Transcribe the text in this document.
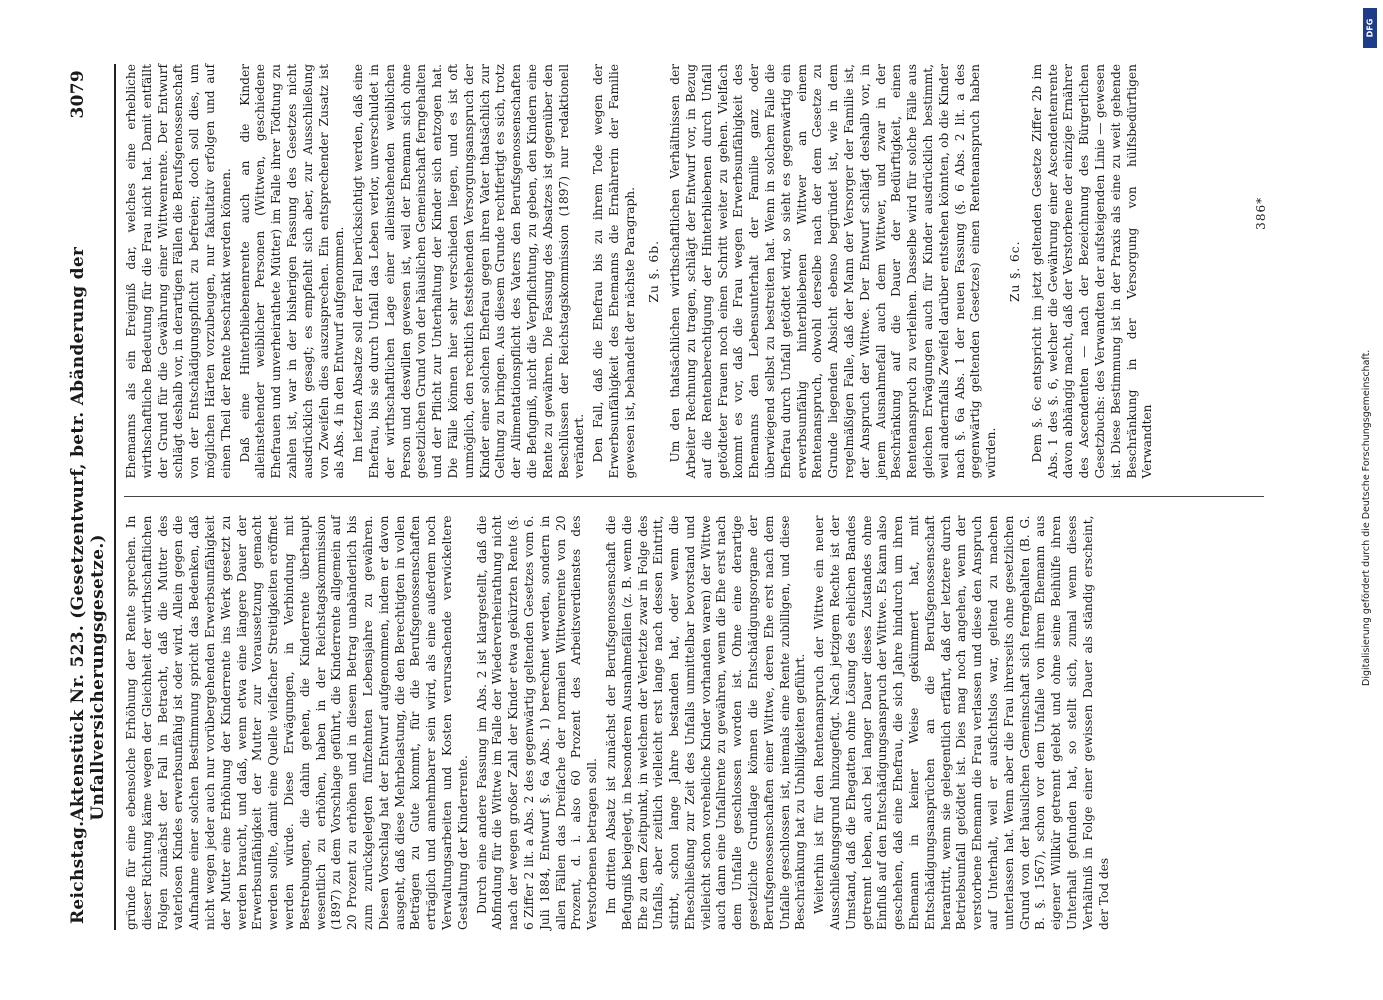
Reichstag.
Aktenstück Nr. 523. (Gesetzentwurf, betr. Abänderung der Unfallversicherungsgesetze.)
3079

gründe für eine ebensolche Erhöhung der Rente sprechen. In dieser Richtung käme wegen der Gleichheit der wirthschaftlichen Folgen zunächst der Fall in Betracht, daß die Mutter des vaterlosen Kindes erwerbsunfähig ist oder wird. Allein gegen die Aufnahme einer solchen Bestimmung spricht das Bedenken, daß nicht wegen jeder auch nur vorübergehenden Erwerbsunfähigkeit der Mutter eine Erhöhung der Kinderrente ins Werk gesetzt zu werden braucht, und daß, wenn etwa eine längere Dauer der Erwerbsunfähigkeit der Mutter zur Voraussetzung gemacht werden sollte, damit eine Quelle vielfacher Streitigkeiten eröffnet werden würde. Diese Erwägungen, in Verbindung mit Bestrebungen, die dahin gehen, die Kinderrente überhaupt wesentlich zu erhöhen, haben in der Reichstagskommission (1897) zu dem Vorschlage geführt, die Kinderrente allgemein auf 20 Prozent zu erhöhen und in diesem Betrag unabänderlich bis zum zurückgelegten fünfzehnten Lebensjahre zu gewähren. Diesen Vorschlag hat der Entwurf aufgenommen, indem er davon ausgeht, daß diese Mehrbelastung, die den Berechtigten in vollen Beträgen zu Gute kommt, für die Berufsgenossenschaften erträglich und annehmbarer sein wird, als eine außerdem noch Verwaltungsarbeiten und Kosten verursachende verwickeltere Gestaltung der Kinderrente. Durch eine andere Fassung im Abs. 2 ist klargestellt, daß die Abfindung für die Wittwe im Falle der Wiederverheirathung nicht nach der wegen großer Zahl der Kinder etwa gekürzten Rente (§. 6 Ziffer 2 lit. a Abs. 2 des gegenwärtig geltenden Gesetzes vom 6. Juli 1884, Entwurf §. 6a Abs. 1) berechnet werden, sondern in allen Fällen das Dreifache der normalen Wittwenrente von 20 Prozent, d. i. also 60 Prozent des Arbeitsverdienstes des Verstorbenen betragen soll. Im dritten Absatz ist zunächst der Berufsgenossenschaft die Befugniß beigelegt, in besonderen Ausnahmefällen (z. B. wenn die Ehe zu dem Zeitpunkt, in welchem der Verletzte zwar in Folge des Unfalls, aber zeitlich vielleicht erst lange nach dessen Eintritt, stirbt, schon lange Jahre bestanden hat, oder wenn die Eheschließung zur Zeit des Unfalls unmittelbar bevorstand und vielleicht schon voreheliche Kinder vorhanden waren) der Wittwe auch dann eine Unfallrente zu gewähren, wenn die Ehe erst nach dem Unfalle geschlossen worden ist. Ohne eine derartige gesetzliche Grundlage können die Entschädigungsorgane der Berufsgenossenschaften einer Wittwe, deren Ehe erst nach dem Unfalle geschlossen ist, niemals eine Rente zubilligen, und diese Beschränkung hat zu Unbilligkeiten geführt. Weiterhin ist für den Rentenanspruch der Wittwe ein neuer Ausschließungsgrund hinzugefügt. Nach jetzigem Rechte ist der Umstand, daß die Ehegatten ohne Lösung des ehelichen Bandes getrennt leben, auch bei langer Dauer dieses Zustandes ohne Einfluß auf den Entschädigungsanspruch der Wittwe. Es kann also geschehen, daß eine Ehefrau, die sich Jahre hindurch um ihren Ehemann in keiner Weise gekümmert hat, mit Entschädigungsansprüchen an die Berufsgenossenschaft herantritt, wenn sie gelegentlich erfährt, daß der letztere durch Betriebsunfall getödtet ist. Dies mag noch angehen, wenn der verstorbene Ehemann die Frau verlassen und diese den Anspruch auf Unterhalt, weil er ausfichtslos war, geltend zu machen unterlassen hat. Wenn aber die Frau ihrerseits ohne gesetzlichen Grund von der häuslichen Gemeinschaft sich ferngehalten (B. G. B. §. 1567), schon vor dem Unfalle von ihrem Ehemann aus eigener Willkür getrennt gelebt und ohne seine Beihülfe ihren Unterhalt gefunden hat, so stellt sich, zumal wenn dieses Verhältniß in Folge einer gewissen Dauer als ständig erscheint, der Tod des

Ehemanns als ein Ereigniß dar, welches eine erhebliche wirthschaftliche Bedeutung für die Frau nicht hat. Damit entfällt der Grund für die Gewährung einer Wittwenrente. Der Entwurf schlägt deshalb vor, in derartigen Fällen die Berufsgenossenschaft von der Entschädigungspflicht zu befreien; doch soll dies, um möglichen Härten vorzubeugen, nur fakultativ erfolgen und auf einen Theil der Rente beschränkt werden können. Daß eine Hinterbliebenenrente auch an die Kinder alleinstehender weiblicher Personen (Wittwen, geschiedene Ehefrauen und unverheirathete Mütter) im Falle ihrer Tödtung zu zahlen ist, war in der bisherigen Fassung des Gesetzes nicht ausdrücklich gesagt; es empfiehlt sich aber, zur Ausschließung von Zweifeln dies auszusprechen. Ein entsprechender Zusatz ist als Abs. 4 in den Entwurf aufgenommen. Im letzten Absatze soll der Fall berücksichtigt werden, daß eine Ehefrau, bis sie durch Unfall das Leben verlor, unverschuldet in der wirthschaftlichen Lage einer alleinstehenden weiblichen Person und deswillen gewesen ist, weil der Ehemann sich ohne gesetzlichen Grund von der häuslichen Gemeinschaft ferngehalten und der Pflicht zur Unterhaltung der Kinder sich entzogen hat. Die Fälle können hier sehr verschieden liegen, und es ist oft unmöglich, den rechtlich feststehenden Versorgungsanspruch der Kinder einer solchen Ehefrau gegen ihren Vater thatsächlich zur Geltung zu bringen. Aus diesem Grunde rechtfertigt es sich, trotz der Alimentationspflicht des Vaters den Berufsgenossenschaften die Befugniß, nicht die Verpflichtung, zu geben, den Kindern eine Rente zu gewähren. Die Fassung des Absatzes ist gegenüber den Beschlüssen der Reichstagskommission (1897) nur redaktionell verändert. Den Fall, daß die Ehefrau bis zu ihrem Tode wegen der Erwerbsunfähigkeit des Ehemanns die Ernährerin der Familie gewesen ist, behandelt der nächste Paragraph. Zu §. 6b. Um den thatsächlichen wirthschaftlichen Verhältnissen der Arbeiter Rechnung zu tragen, schlägt der Entwurf vor, in Bezug auf die Rentenberechtigung der Hinterbliebenen durch Unfall getödteter Frauen noch einen Schritt weiter zu gehen. Vielfach kommt es vor, daß die Frau wegen Erwerbsunfähigkeit des Ehemanns den Lebensunterhalt der Familie ganz oder überwiegend selbst zu bestreiten hat. Wenn in solchem Falle die Ehefrau durch Unfall getödtet wird, so sieht es gegenwärtig ein erwerbsunfähig hinterbliebenen Wittwer an einem Rentenanspruch, obwohl derselbe nach der dem Gesetze zu Grunde liegenden Absicht ebenso begründet ist, wie in dem regelmäßigen Falle, daß der Mann der Versorger der Familie ist, der Anspruch der Wittwe. Der Entwurf schlägt deshalb vor, in jenem Ausnahmefall auch dem Wittwer, und zwar in der Beschränkung auf die Dauer der Bedürftigkeit, einen Rentenanspruch zu verleihen. Dasselbe wird für solche Fälle aus gleichen Erwägungen auch für Kinder ausdrücklich bestimmt, weil andernfalls Zweifel darüber entstehen könnten, ob die Kinder nach §. 6a Abs. 1 der neuen Fassung (§. 6 Abs. 2 lit. a des gegenwärtig geltenden Gesetzes) einen Rentenanspruch haben würden.

Zu §. 6c. Dem §. 6c entspricht im jetzt geltenden Gesetze Ziffer 2b im Abs. 1 des §. 6, welcher die Gewährung einer Ascendentenrente davon abhängig macht, daß der Verstorbene der einzige Ernährer des Ascendenten — nach der Bezeichnung des Bürgerlichen Gesetzbuchs: des Verwandten der aufsteigenden Linie — gewesen ist. Diese Bestimmung ist in der Praxis als eine zu weit gehende Beschränkung in der Versorgung von hülfsbedürftigen Verwandten

386*
Digitalisierung gefördert durch die Deutsche Forschungsgemeinschaft.
DFG
